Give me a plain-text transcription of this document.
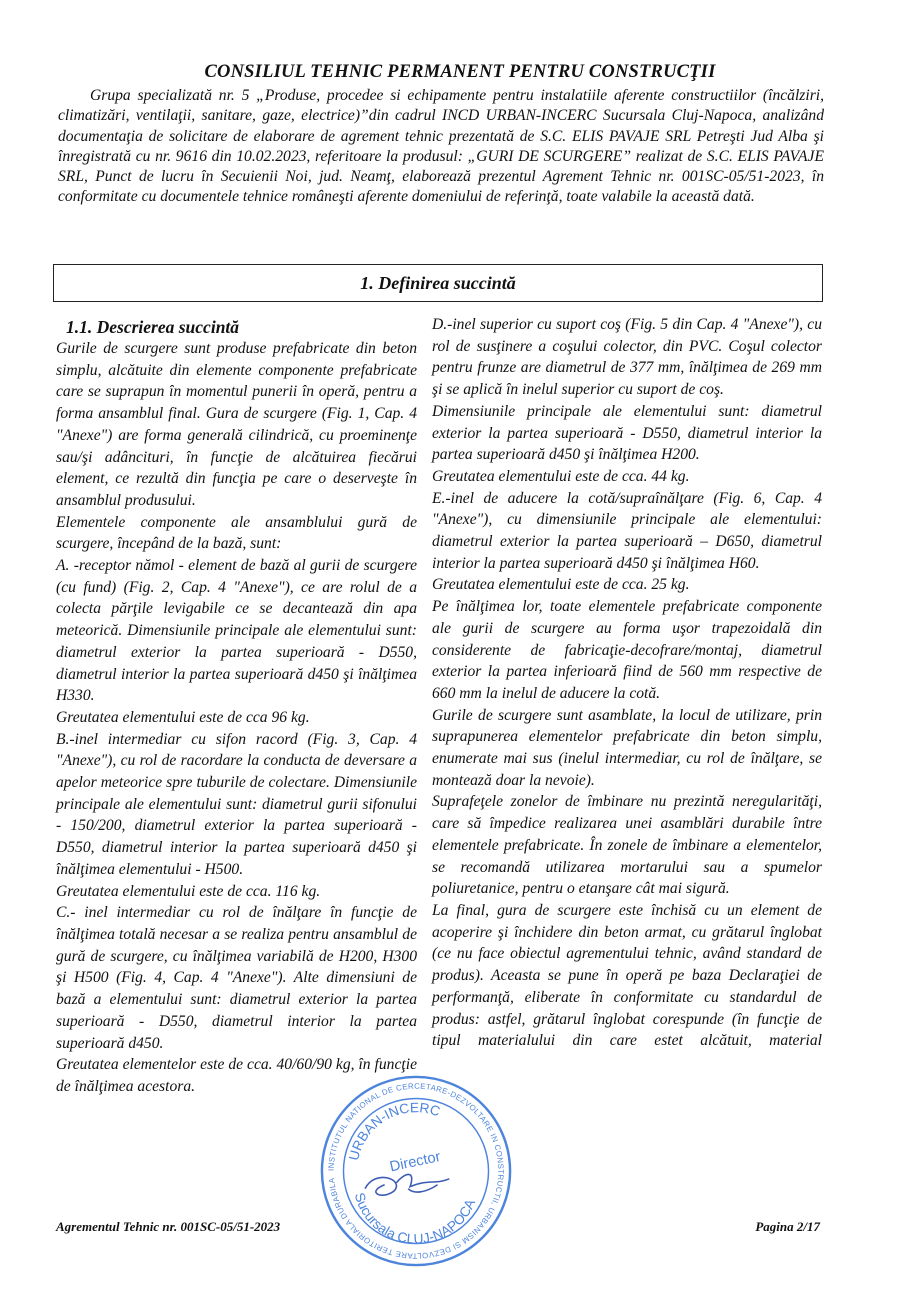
CONSILIUL TEHNIC PERMANENT PENTRU CONSTRUCŢII
Grupa specializată nr. 5 „Produse, procedee si echipamente pentru instalatiile aferente constructiilor (încălziri, climatizări, ventilaţii, sanitare, gaze, electrice)”din cadrul INCD URBAN-INCERC Sucursala Cluj-Napoca, analizând documentaţia de solicitare de elaborare de agrement tehnic prezentată de S.C. ELIS PAVAJE SRL Petreşti Jud Alba şi înregistrată cu nr. 9616 din 10.02.2023, referitoare la produsul: „GURI DE SCURGERE” realizat de S.C. ELIS PAVAJE SRL, Punct de lucru în Secuienii Noi, jud. Neamţ, elaborează prezentul Agrement Tehnic nr. 001SC-05/51-2023, în conformitate cu documentele tehnice româneşti aferente domeniului de referinţă, toate valabile la această dată.
1. Definirea succintă

1.1. Descrierea succintă

Gurile de scurgere sunt produse prefabricate din beton simplu, alcătuite din elemente componente prefabricate care se suprapun în momentul punerii în operă, pentru a forma ansamblul final. Gura de scurgere (Fig. 1, Cap. 4 "Anexe") are forma generală cilindrică, cu proeminenţe sau/şi adâncituri, în funcţie de alcătuirea fiecărui element, ce rezultă din funcţia pe care o deserveşte în ansamblul produsului.

Elementele componente ale ansamblului gură de scurgere, începând de la bază, sunt:

A. -receptor nămol - element de bază al gurii de scurgere (cu fund) (Fig. 2, Cap. 4 "Anexe"), ce are rolul de a colecta părţile levigabile ce se decantează din apa meteorică. Dimensiunile principale ale elementului sunt: diametrul exterior la partea superioară - D550, diametrul interior la partea superioară d450 şi înălţimea H330.

Greutatea elementului este de cca 96 kg.

B.-inel intermediar cu sifon racord (Fig. 3, Cap. 4 "Anexe"), cu rol de racordare la conducta de deversare a apelor meteorice spre tuburile de colectare. Dimensiunile principale ale elementului sunt: diametrul gurii sifonului - 150/200, diametrul exterior la partea superioară - D550, diametrul interior la partea superioară d450 şi înălţimea elementului - H500.

Greutatea elementului este de cca. 116 kg.

C.- inel intermediar cu rol de înălţare în funcţie de înălţimea totală necesar a se realiza pentru ansamblul de gură de scurgere, cu înălţimea variabilă de H200, H300 şi H500 (Fig. 4, Cap. 4 "Anexe"). Alte dimensiuni de bază a elementului sunt: diametrul exterior la partea superioară - D550, diametrul interior la partea superioară d450.

Greutatea elementelor este de cca. 40/60/90 kg, în funcţie de înălţimea acestora.

D.-inel superior cu suport coş (Fig. 5 din Cap. 4 "Anexe"), cu rol de susţinere a coşului colector, din PVC. Coşul colector pentru frunze are diametrul de 377 mm, înălţimea de 269 mm şi se aplică în inelul superior cu suport de coş.

Dimensiunile principale ale elementului sunt: diametrul exterior la partea superioară - D550, diametrul interior la partea superioară d450 şi înălţimea H200.

Greutatea elementului este de cca. 44 kg.

E.-inel de aducere la cotă/supraînălţare (Fig. 6, Cap. 4 "Anexe"), cu dimensiunile principale ale elementului: diametrul exterior la partea superioară – D650, diametrul interior la partea superioară d450 şi înălţimea H60.

Greutatea elementului este de cca. 25 kg.

Pe înălţimea lor, toate elementele prefabricate componente ale gurii de scurgere au forma uşor trapezoidală din considerente de fabricaţie-decofrare/montaj, diametrul exterior la partea inferioară fiind de 560 mm respective de 660 mm la inelul de aducere la cotă.

Gurile de scurgere sunt asamblate, la locul de utilizare, prin suprapunerea elementelor prefabricate din beton simplu, enumerate mai sus (inelul intermediar, cu rol de înălţare, se montează doar la nevoie).

Suprafeţele zonelor de îmbinare nu prezintă neregularităţi, care să împedice realizarea unei asamblări durabile între elementele prefabricate. În zonele de îmbinare a elementelor, se recomandă utilizarea mortarului sau a spumelor poliuretanice, pentru o etanşare cât mai sigură.

La final, gura de scurgere este închisă cu un element de acoperire şi închidere din beton armat, cu grătarul înglobat (ce nu face obiectul agrementului tehnic, având standard de produs). Aceasta se pune în operă pe baza Declaraţiei de performanţă, eliberate în conformitate cu standardul de produs: astfel, grătarul înglobat corespunde (în funcţie de tipul materialului din care estet alcătuit, material

INSTITUTUL NATIONAL DE CERCETARE-DEZVOLTARE IN CONSTRUCTII, URBANISM SI DEZVOLTARE TERITORIALA DURABILA
URBAN-INCERC
Director
Sucursala CLUJ-NAPOCA
Agrementul Tehnic nr. 001SC-05/51-2023	Pagina 2/17
